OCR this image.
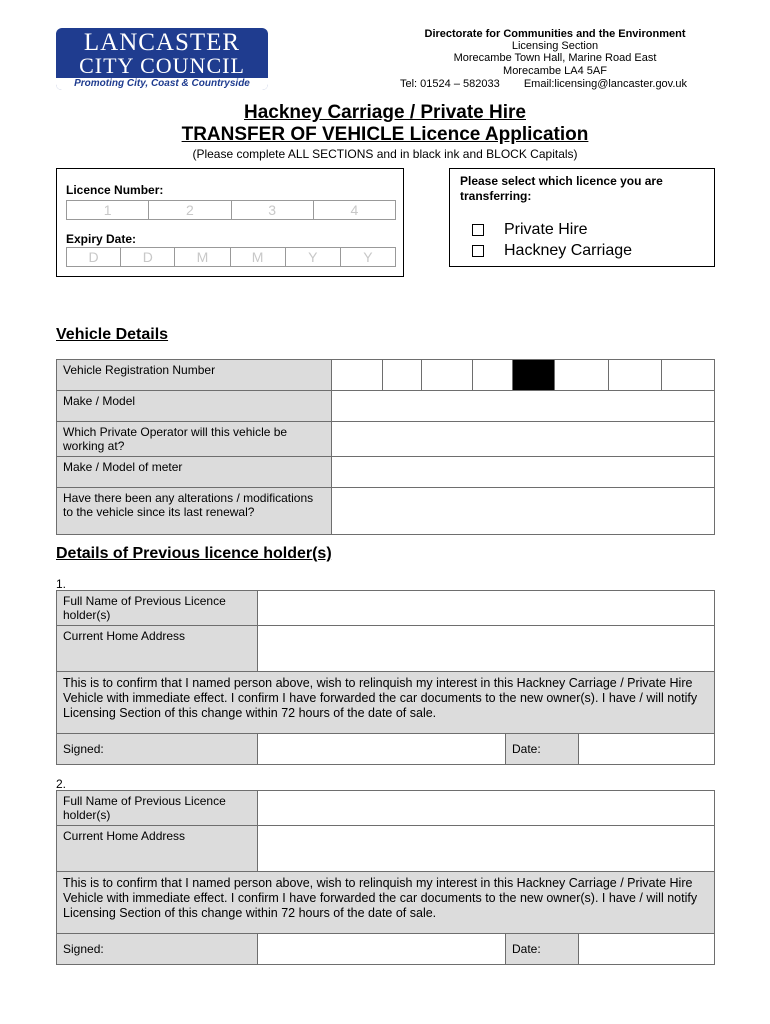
LANCASTER
CITY COUNCIL
Promoting City, Coast & Countryside
Directorate for Communities and the Environment
Licensing Section
Morecambe Town Hall, Marine Road East
Morecambe LA4 5AF
Tel: 01524 – 582033 Email:licensing@lancaster.gov.uk
Hackney Carriage / Private Hire
TRANSFER OF VEHICLE Licence Application
(Please complete ALL SECTIONS and in black ink and BLOCK Capitals)
Licence Number:
1	2	3	4
Expiry Date:
D	D	M	M	Y	Y
Please select which licence you are transferring:
Private Hire
Hackney Carriage
Vehicle Details
Vehicle Registration Number								
Make / Model								
Which Private Operator will this vehicle be working at?								
Make / Model of meter								
Have there been any alterations / modifications to the vehicle since its last renewal?								
Details of Previous licence holder(s)
1.
Full Name of Previous Licence holder(s)			
Current Home Address			
This is to confirm that I named person above, wish to relinquish my interest in this Hackney Carriage / Private Hire Vehicle with immediate effect. I confirm I have forwarded the car documents to the new owner(s). I have / will notify Licensing Section of this change within 72 hours of the date of sale.			
Signed:		Date:	
2.
Full Name of Previous Licence holder(s)			
Current Home Address			
This is to confirm that I named person above, wish to relinquish my interest in this Hackney Carriage / Private Hire Vehicle with immediate effect. I confirm I have forwarded the car documents to the new owner(s). I have / will notify Licensing Section of this change within 72 hours of the date of sale.			
Signed:		Date:	
